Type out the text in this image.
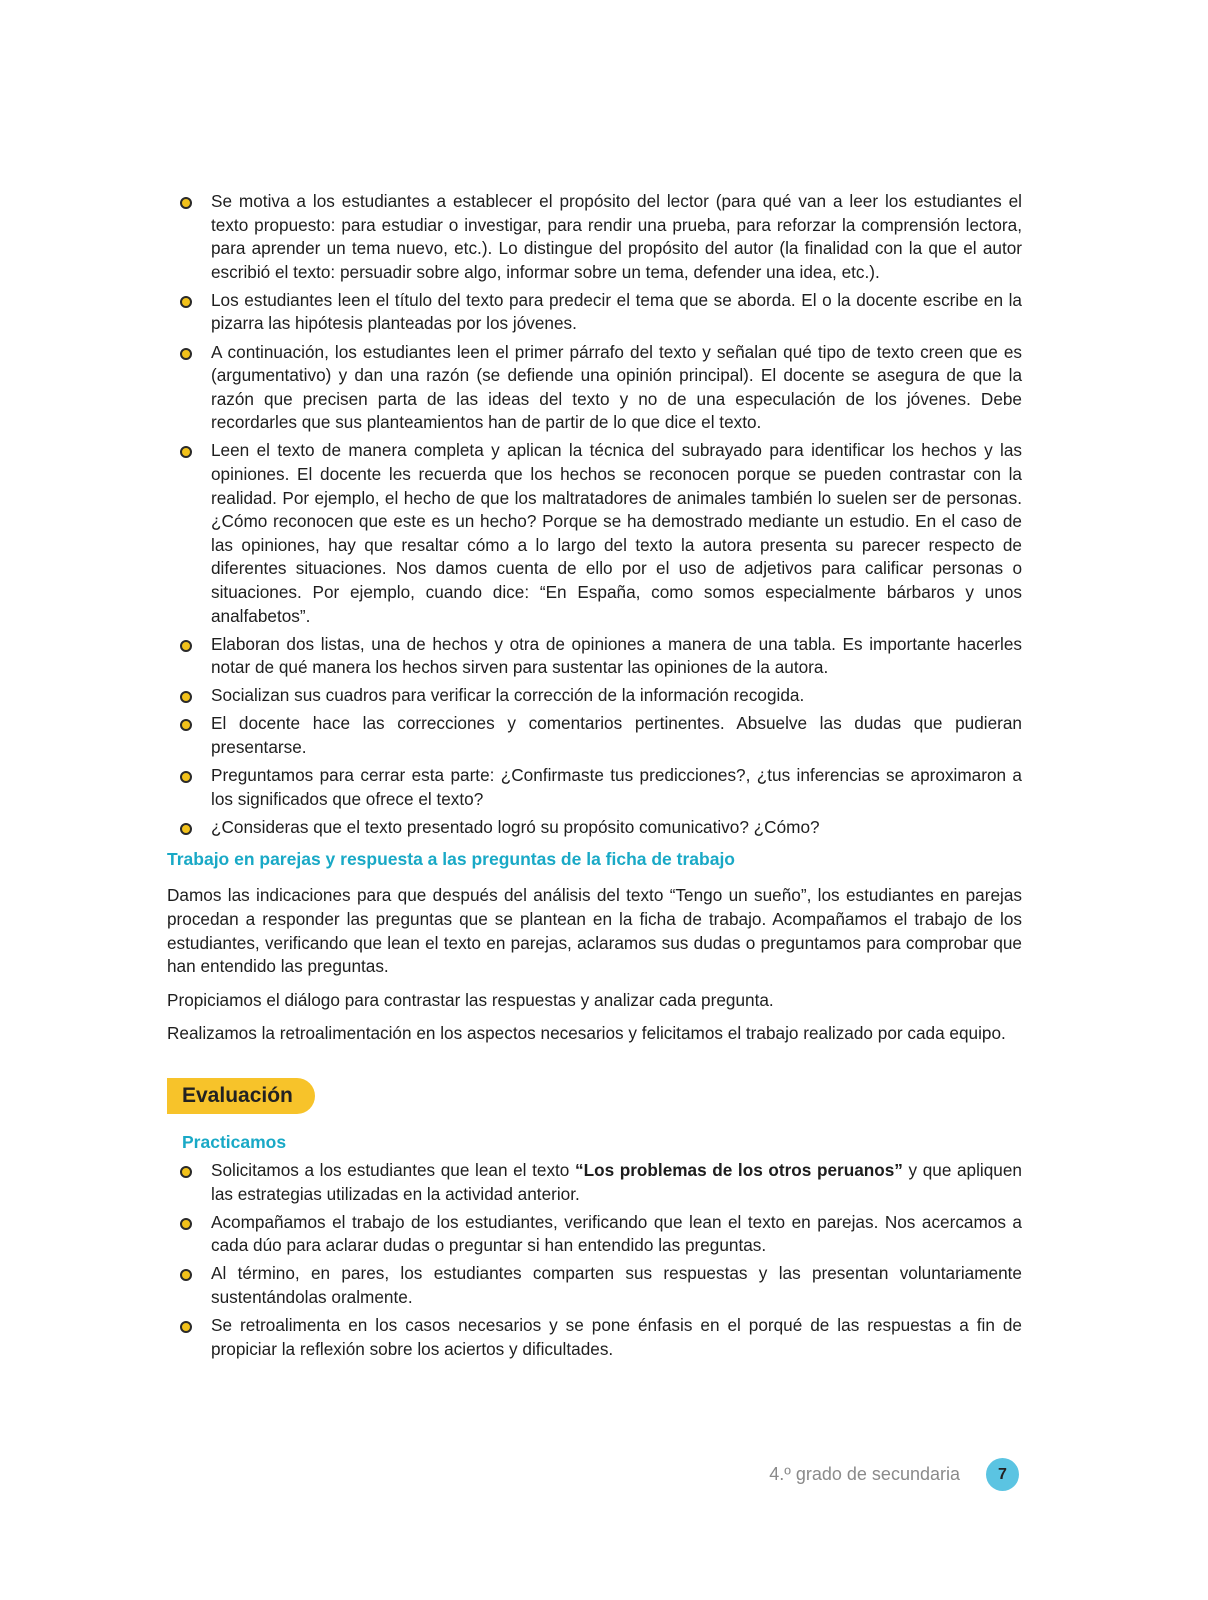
Se motiva a los estudiantes a establecer el propósito del lector (para qué van a leer los estudiantes el texto propuesto: para estudiar o investigar, para rendir una prueba, para reforzar la comprensión lectora, para aprender un tema nuevo, etc.). Lo distingue del propósito del autor (la finalidad con la que el autor escribió el texto: persuadir sobre algo, informar sobre un tema, defender una idea, etc.).
Los estudiantes leen el título del texto para predecir el tema que se aborda. El o la docente escribe en la pizarra las hipótesis planteadas por los jóvenes.
A continuación, los estudiantes leen el primer párrafo del texto y señalan qué tipo de texto creen que es (argumentativo) y dan una razón (se defiende una opinión principal). El docente se asegura de que la razón que precisen parta de las ideas del texto y no de una especulación de los jóvenes. Debe recordarles que sus planteamientos han de partir de lo que dice el texto.
Leen el texto de manera completa y aplican la técnica del subrayado para identificar los hechos y las opiniones. El docente les recuerda que los hechos se reconocen porque se pueden contrastar con la realidad. Por ejemplo, el hecho de que los maltratadores de animales también lo suelen ser de personas. ¿Cómo reconocen que este es un hecho? Porque se ha demostrado mediante un estudio. En el caso de las opiniones, hay que resaltar cómo a lo largo del texto la autora presenta su parecer respecto de diferentes situaciones. Nos damos cuenta de ello por el uso de adjetivos para calificar personas o situaciones. Por ejemplo, cuando dice: “En España, como somos especialmente bárbaros y unos analfabetos”.
Elaboran dos listas, una de hechos y otra de opiniones a manera de una tabla. Es importante hacerles notar de qué manera los hechos sirven para sustentar las opiniones de la autora.
Socializan sus cuadros para verificar la corrección de la información recogida.
El docente hace las correcciones y comentarios pertinentes. Absuelve las dudas que pudieran presentarse.
Preguntamos para cerrar esta parte: ¿Confirmaste tus predicciones?, ¿tus inferencias se aproximaron a los significados que ofrece el texto?
¿Consideras que el texto presentado logró su propósito comunicativo? ¿Cómo?
Trabajo en parejas y respuesta a las preguntas de la ficha de trabajo

Damos las indicaciones para que después del análisis del texto “Tengo un sueño”, los estudiantes en parejas procedan a responder las preguntas que se plantean en la ficha de trabajo. Acompañamos el trabajo de los estudiantes, verificando que lean el texto en parejas, aclaramos sus dudas o preguntamos para comprobar que han entendido las preguntas.

Propiciamos el diálogo para contrastar las respuestas y analizar cada pregunta.

Realizamos la retroalimentación en los aspectos necesarios y felicitamos el trabajo realizado por cada equipo.

Evaluación
Practicamos
Solicitamos a los estudiantes que lean el texto “Los problemas de los otros peruanos” y que apliquen las estrategias utilizadas en la actividad anterior.
Acompañamos el trabajo de los estudiantes, verificando que lean el texto en parejas. Nos acercamos a cada dúo para aclarar dudas o preguntar si han entendido las preguntas.
Al término, en pares, los estudiantes comparten sus respuestas y las presentan voluntariamente sustentándolas oralmente.
Se retroalimenta en los casos necesarios y se pone énfasis en el porqué de las respuestas a fin de propiciar la reflexión sobre los aciertos y dificultades.
4.º grado de secundaria	7
